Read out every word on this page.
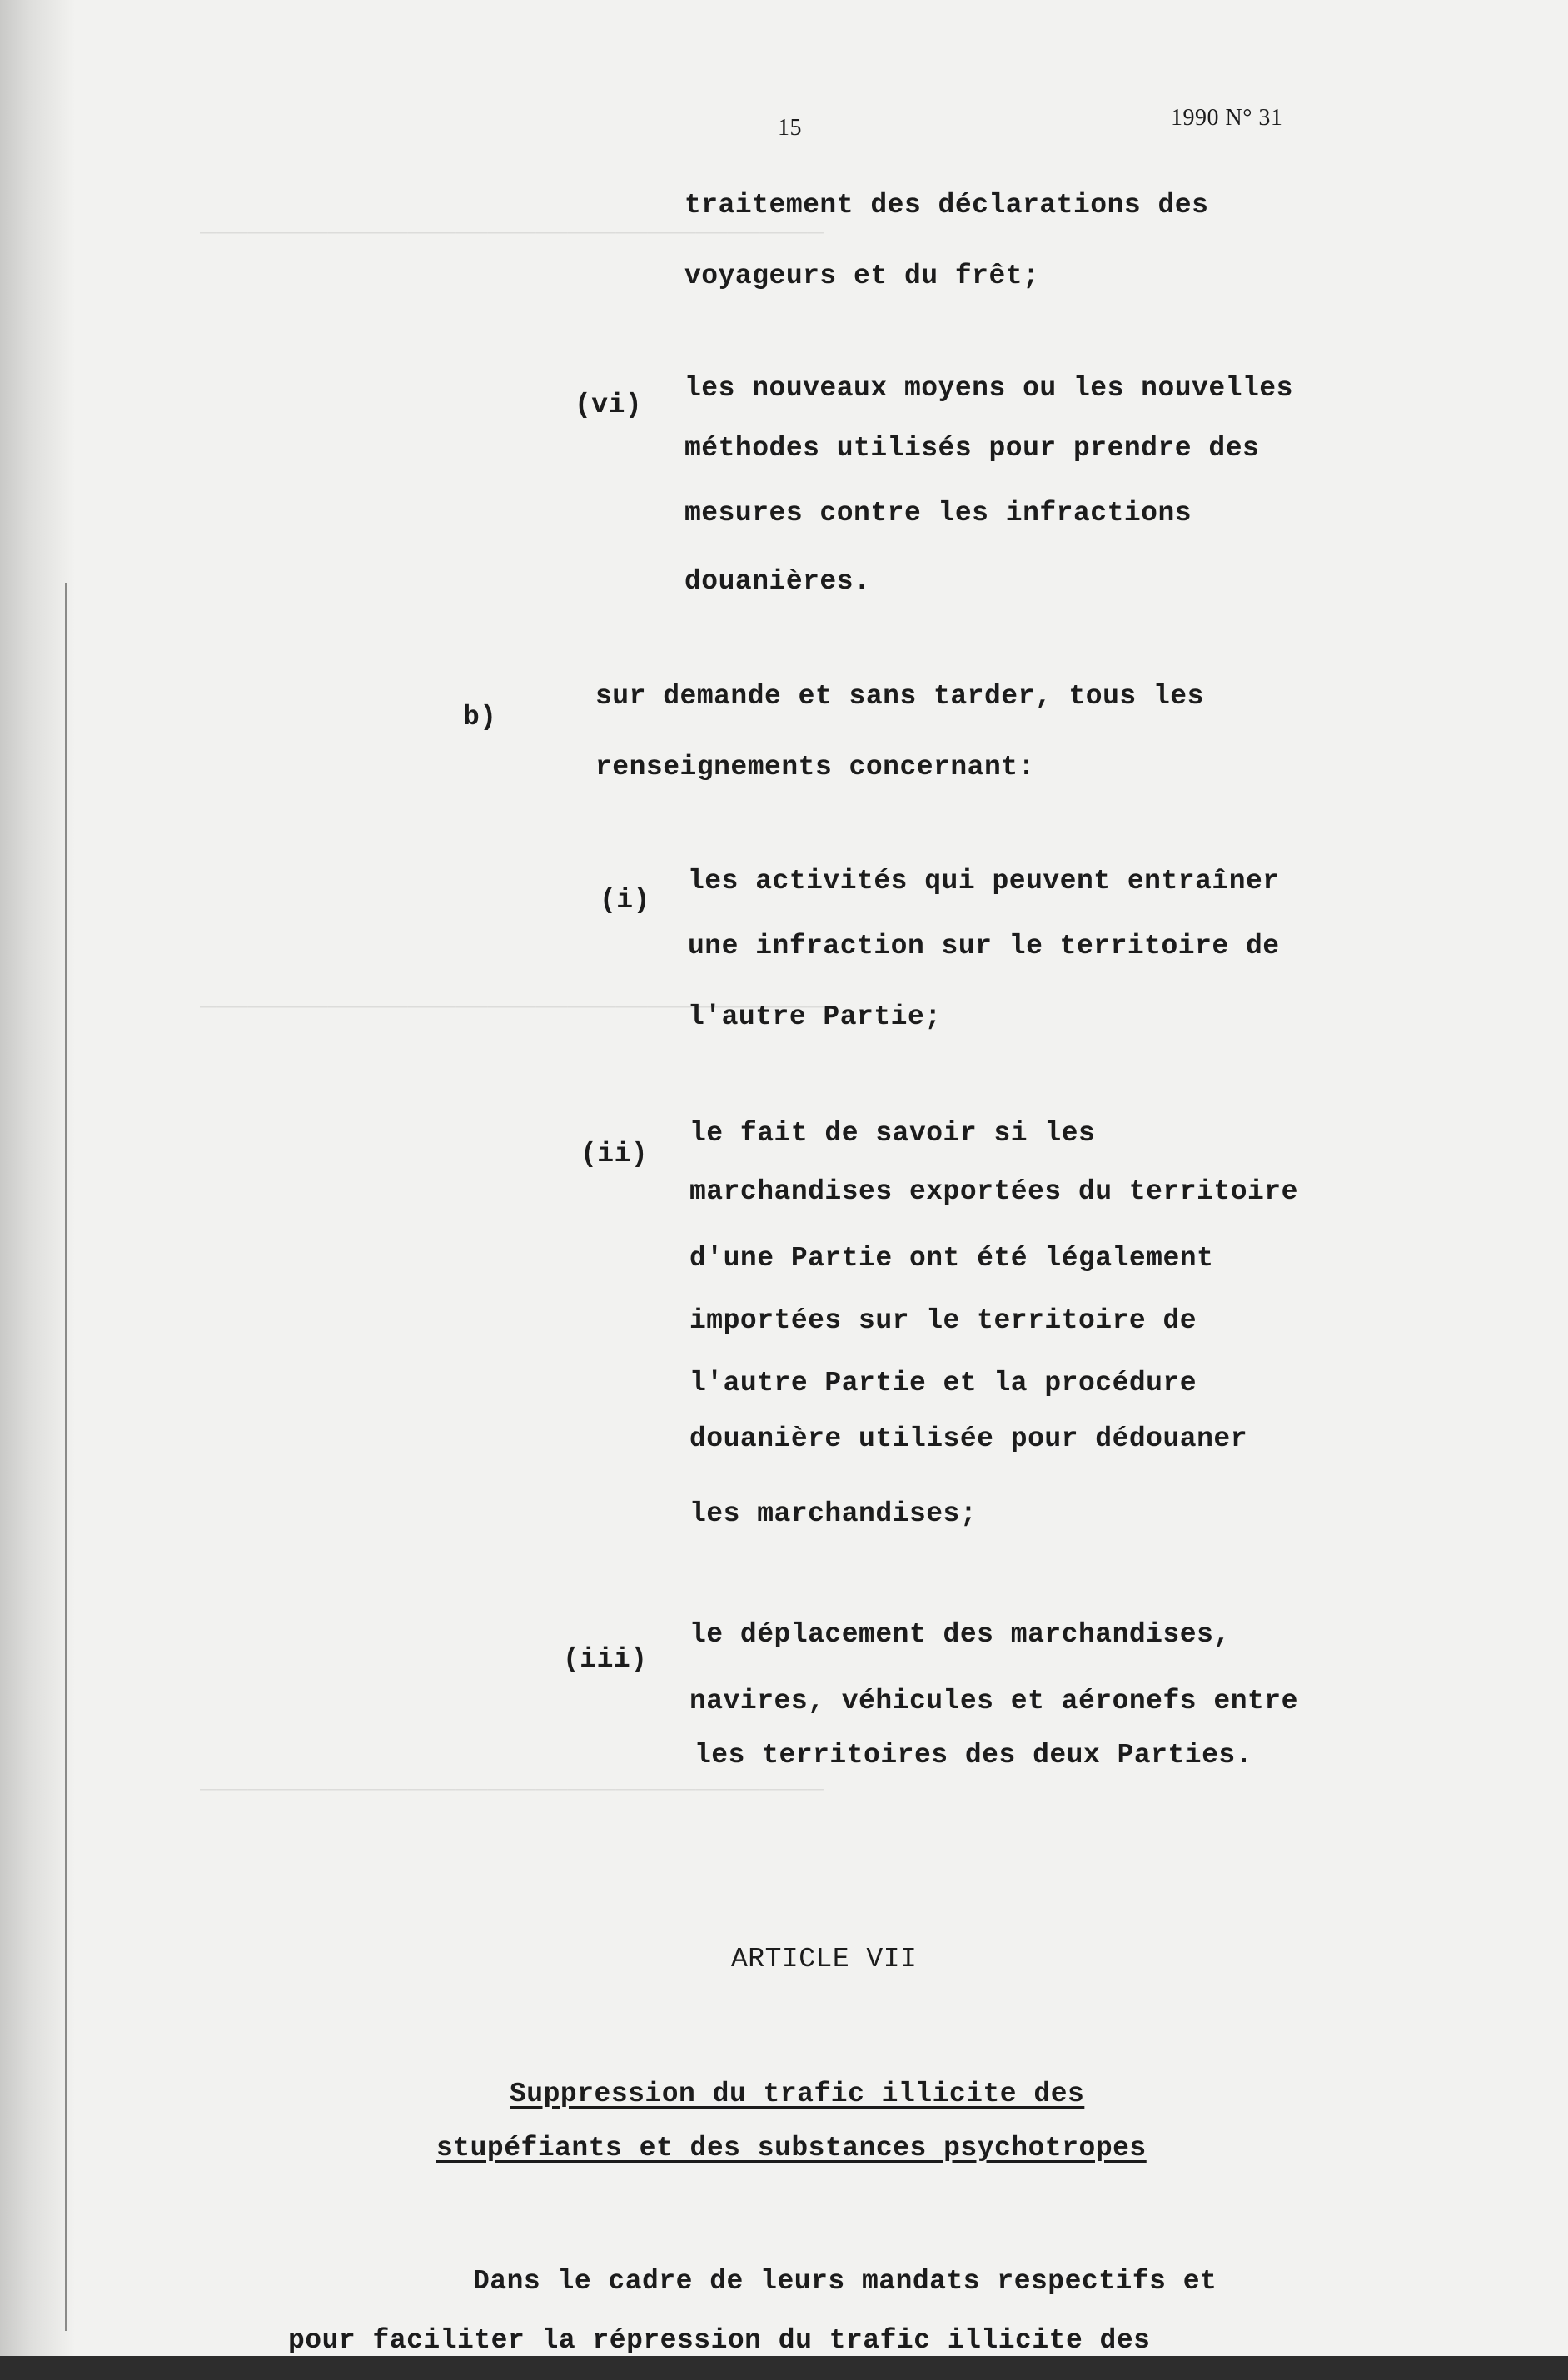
_______________________________________
_______________________________________
_______________________________________
15	1990 N° 31
traitement des déclarations des
voyageurs et du frêt;
(vi)
les nouveaux moyens ou les nouvelles
méthodes utilisés pour prendre des
mesures contre les infractions
douanières.
b)
sur demande et sans tarder, tous les
renseignements concernant:
(i)
les activités qui peuvent entraîner
une infraction sur le territoire de
l'autre Partie;
(ii)
le fait de savoir si les
marchandises exportées du territoire
d'une Partie ont été légalement
importées sur le territoire de
l'autre Partie et la procédure
douanière utilisée pour dédouaner
les marchandises;
(iii)
le déplacement des marchandises,
navires, véhicules et aéronefs entre
les territoires des deux Parties.
ARTICLE VII
Suppression du trafic illicite des
stupéfiants et des substances psychotropes
Dans le cadre de leurs mandats respectifs et
pour faciliter la répression du trafic illicite des
